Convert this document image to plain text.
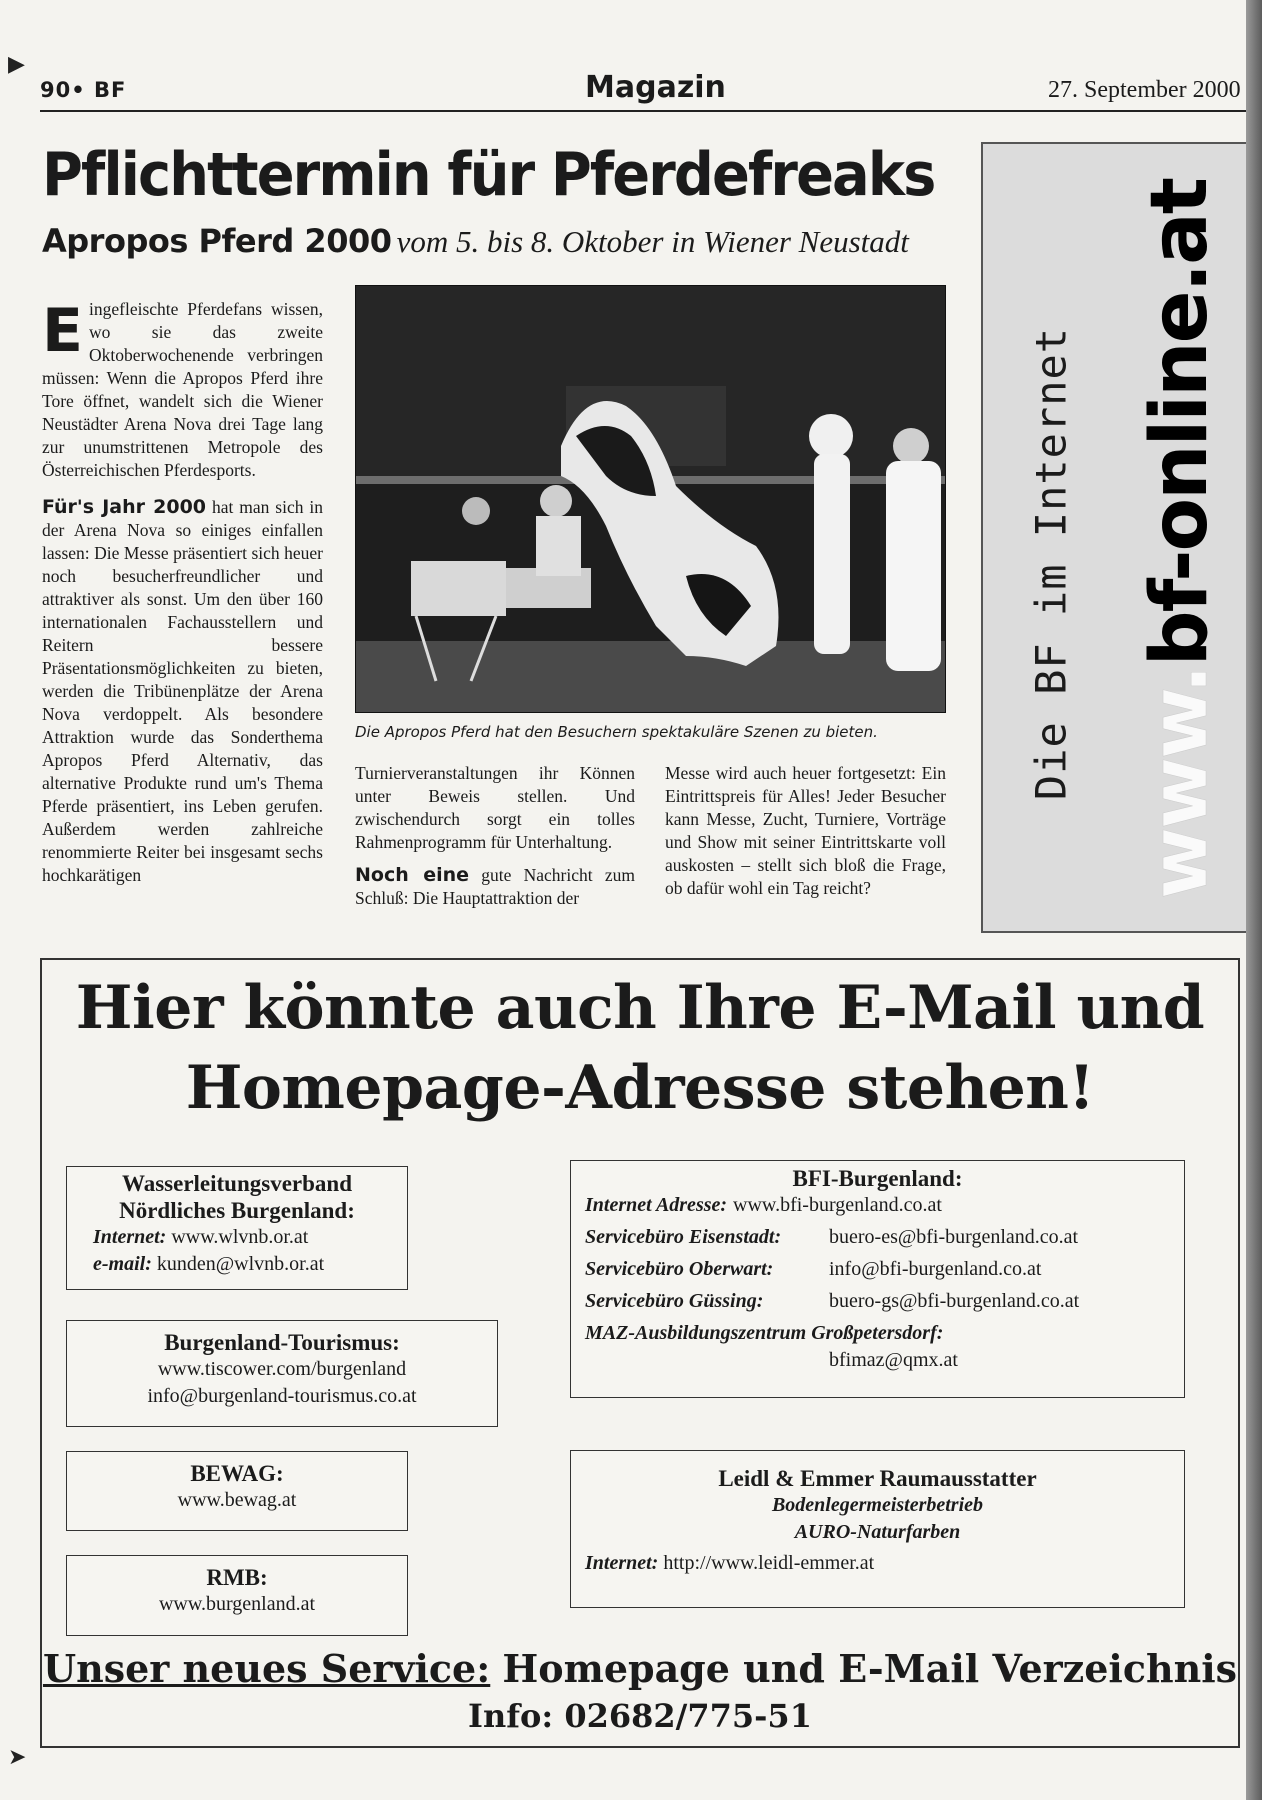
▶
➤
90• BF	Magazin	27. September 2000
Pflichttermin für Pferdefreaks
Apropos Pferd 2000 vom 5. bis 8. Oktober in Wiener Neustadt

Eingefleischte Pferdefans wissen, wo sie das zweite Oktoberwochenende verbringen müssen: Wenn die Apropos Pferd ihre Tore öffnet, wandelt sich die Wiener Neustädter Arena Nova drei Tage lang zur unumstrittenen Metropole des Österreichischen Pferdesports.

Für's Jahr 2000 hat man sich in der Arena Nova so einiges einfallen lassen: Die Messe präsentiert sich heuer noch besucherfreundlicher und attraktiver als sonst. Um den über 160 internationalen Fachausstellern und Reitern bessere Präsentationsmöglichkeiten zu bieten, werden die Tribünenplätze der Arena Nova verdoppelt. Als besondere Attraktion wurde das Sonderthema Apropos Pferd Alternativ, das alternative Produkte rund um's Thema Pferde präsentiert, ins Leben gerufen. Außerdem werden zahlreiche renommierte Reiter bei insgesamt sechs hochkarätigen

Die Apropos Pferd hat den Besuchern spektakuläre Szenen zu bieten.

Turnierveranstaltungen ihr Können unter Beweis stellen. Und zwischendurch sorgt ein tolles Rahmenprogramm für Unterhaltung.

Noch eine gute Nachricht zum Schluß: Die Hauptattraktion der

Messe wird auch heuer fortgesetzt: Ein Eintrittspreis für Alles! Jeder Besucher kann Messe, Zucht, Turniere, Vorträge und Show mit seiner Eintrittskarte voll auskosten – stellt sich bloß die Frage, ob dafür wohl ein Tag reicht?

Die BF im Internet www.bf-online.at
Hier könnte auch Ihre E-Mail und
Homepage-Adresse stehen!
Wasserleitungsverband
Nördliches Burgenland:
Internet: www.wlvnb.or.at
e-mail: kunden@wlvnb.or.at
Burgenland-Tourismus:
www.tiscower.com/burgenland
info@burgenland-tourismus.co.at
BEWAG:
www.bewag.at
RMB:
www.burgenland.at
BFI-Burgenland:
Internet Adresse: www.bfi-burgenland.co.at
Servicebüro Eisenstadt:	buero-es@bfi-burgenland.co.at
Servicebüro Oberwart:	info@bfi-burgenland.co.at
Servicebüro Güssing:	buero-gs@bfi-burgenland.co.at
MAZ-Ausbildungszentrum Großpetersdorf:
bfimaz@qmx.at
Leidl & Emmer Raumausstatter
Bodenlegermeisterbetrieb
AURO-Naturfarben
Internet: http://www.leidl-emmer.at
Unser neues Service: Homepage und E-Mail Verzeichnis
Info: 02682/775-51
